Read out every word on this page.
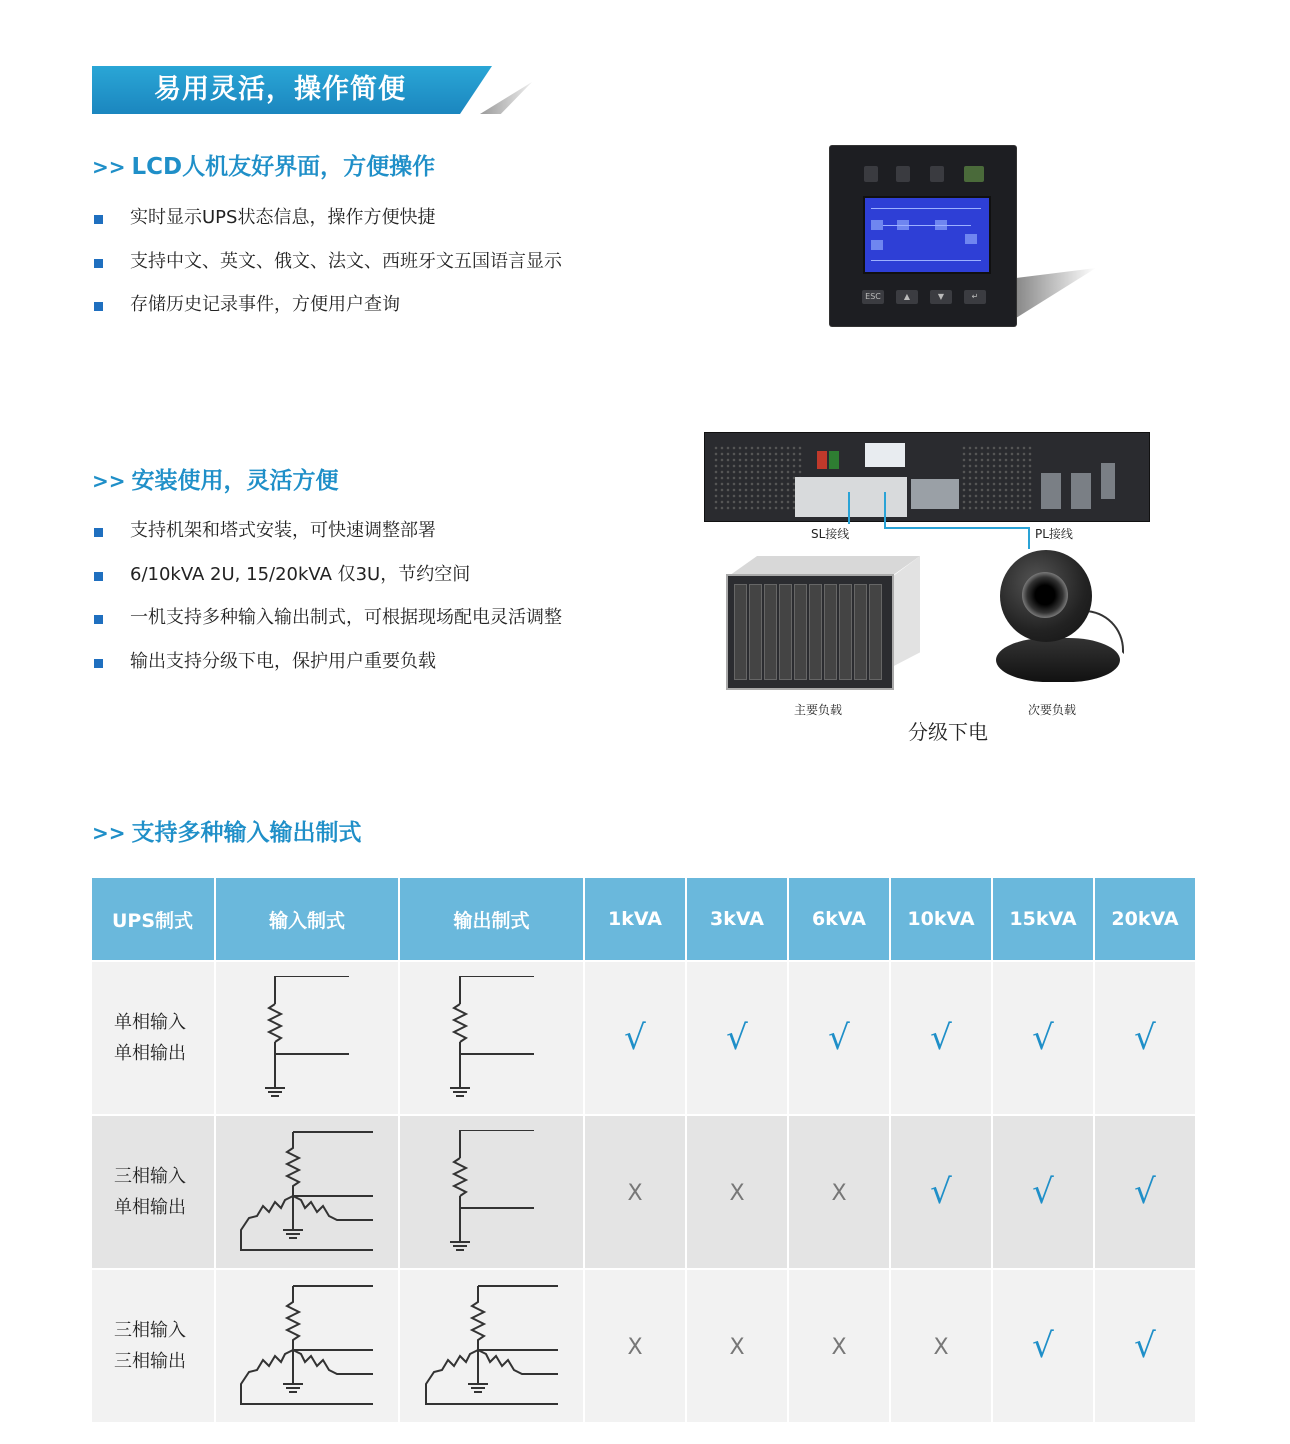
易用灵活，操作简便
>> LCD人机友好界面，方便操作
实时显示UPS状态信息，操作方便快捷
支持中文、英文、俄文、法文、西班牙文五国语言显示
存储历史记录事件，方便用户查询	ESC	▲	▼	↵
>> 安装使用，灵活方便
支持机架和塔式安装，可快速调整部署
6/10kVA 2U, 15/20kVA 仅3U，节约空间
一机支持多种输入输出制式，可根据现场配电灵活调整
输出支持分级下电，保护用户重要负载
SL接线	PL接线
主要负载	次要负载
分级下电
>> 支持多种输入输出制式
UPS制式	输入制式	输出制式	1kVA	3kVA	6kVA	10kVA	15kVA	20kVA

单相输入
单相输出			√	√	√	√	√	√

三相输入
单相输出			X	X	X	√	√	√

三相输入
三相输出			X	X	X	X	√	√
